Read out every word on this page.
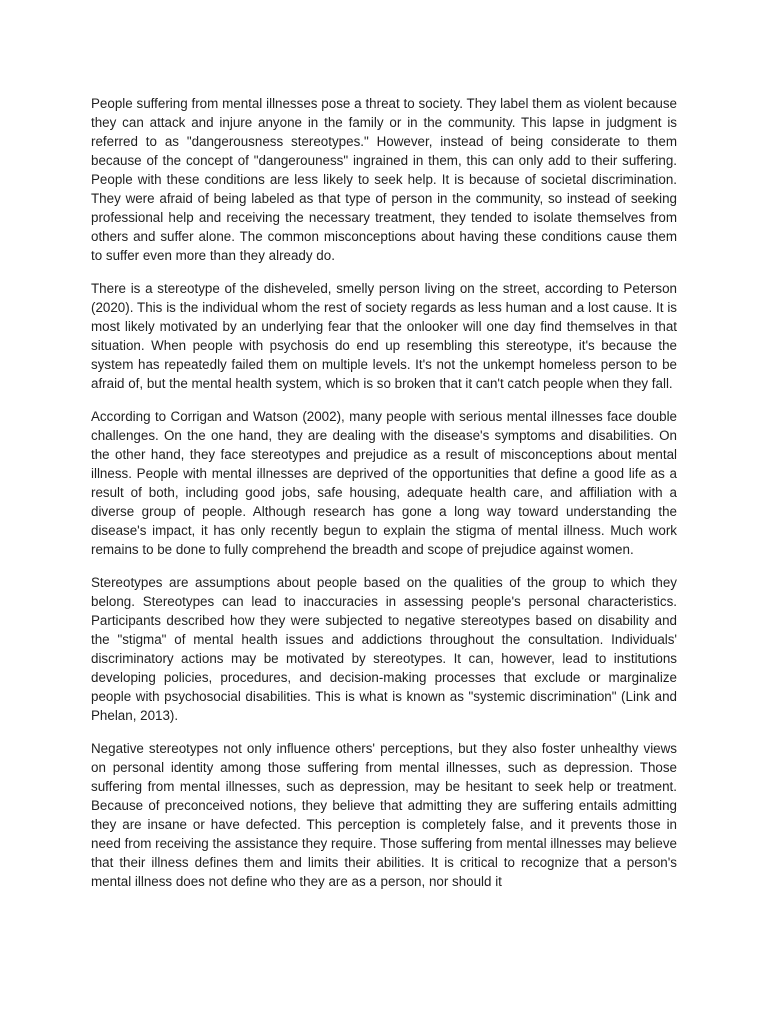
People suffering from mental illnesses pose a threat to society. They label them as violent because they can attack and injure anyone in the family or in the community. This lapse in judgment is referred to as "dangerousness stereotypes." However, instead of being considerate to them because of the concept of "dangerouness" ingrained in them, this can only add to their suffering. People with these conditions are less likely to seek help. It is because of societal discrimination. They were afraid of being labeled as that type of person in the community, so instead of seeking professional help and receiving the necessary treatment, they tended to isolate themselves from others and suffer alone. The common misconceptions about having these conditions cause them to suffer even more than they already do.

There is a stereotype of the disheveled, smelly person living on the street, according to Peterson (2020). This is the individual whom the rest of society regards as less human and a lost cause. It is most likely motivated by an underlying fear that the onlooker will one day find themselves in that situation. When people with psychosis do end up resembling this stereotype, it's because the system has repeatedly failed them on multiple levels. It's not the unkempt homeless person to be afraid of, but the mental health system, which is so broken that it can't catch people when they fall.

According to Corrigan and Watson (2002), many people with serious mental illnesses face double challenges. On the one hand, they are dealing with the disease's symptoms and disabilities. On the other hand, they face stereotypes and prejudice as a result of misconceptions about mental illness. People with mental illnesses are deprived of the opportunities that define a good life as a result of both, including good jobs, safe housing, adequate health care, and affiliation with a diverse group of people. Although research has gone a long way toward understanding the disease's impact, it has only recently begun to explain the stigma of mental illness. Much work remains to be done to fully comprehend the breadth and scope of prejudice against women.

Stereotypes are assumptions about people based on the qualities of the group to which they belong. Stereotypes can lead to inaccuracies in assessing people's personal characteristics. Participants described how they were subjected to negative stereotypes based on disability and the "stigma" of mental health issues and addictions throughout the consultation. Individuals' discriminatory actions may be motivated by stereotypes. It can, however, lead to institutions developing policies, procedures, and decision-making processes that exclude or marginalize people with psychosocial disabilities. This is what is known as "systemic discrimination" (Link and Phelan, 2013).

Negative stereotypes not only influence others' perceptions, but they also foster unhealthy views on personal identity among those suffering from mental illnesses, such as depression. Those suffering from mental illnesses, such as depression, may be hesitant to seek help or treatment. Because of preconceived notions, they believe that admitting they are suffering entails admitting they are insane or have defected. This perception is completely false, and it prevents those in need from receiving the assistance they require. Those suffering from mental illnesses may believe that their illness defines them and limits their abilities. It is critical to recognize that a person's mental illness does not define who they are as a person, nor should it
